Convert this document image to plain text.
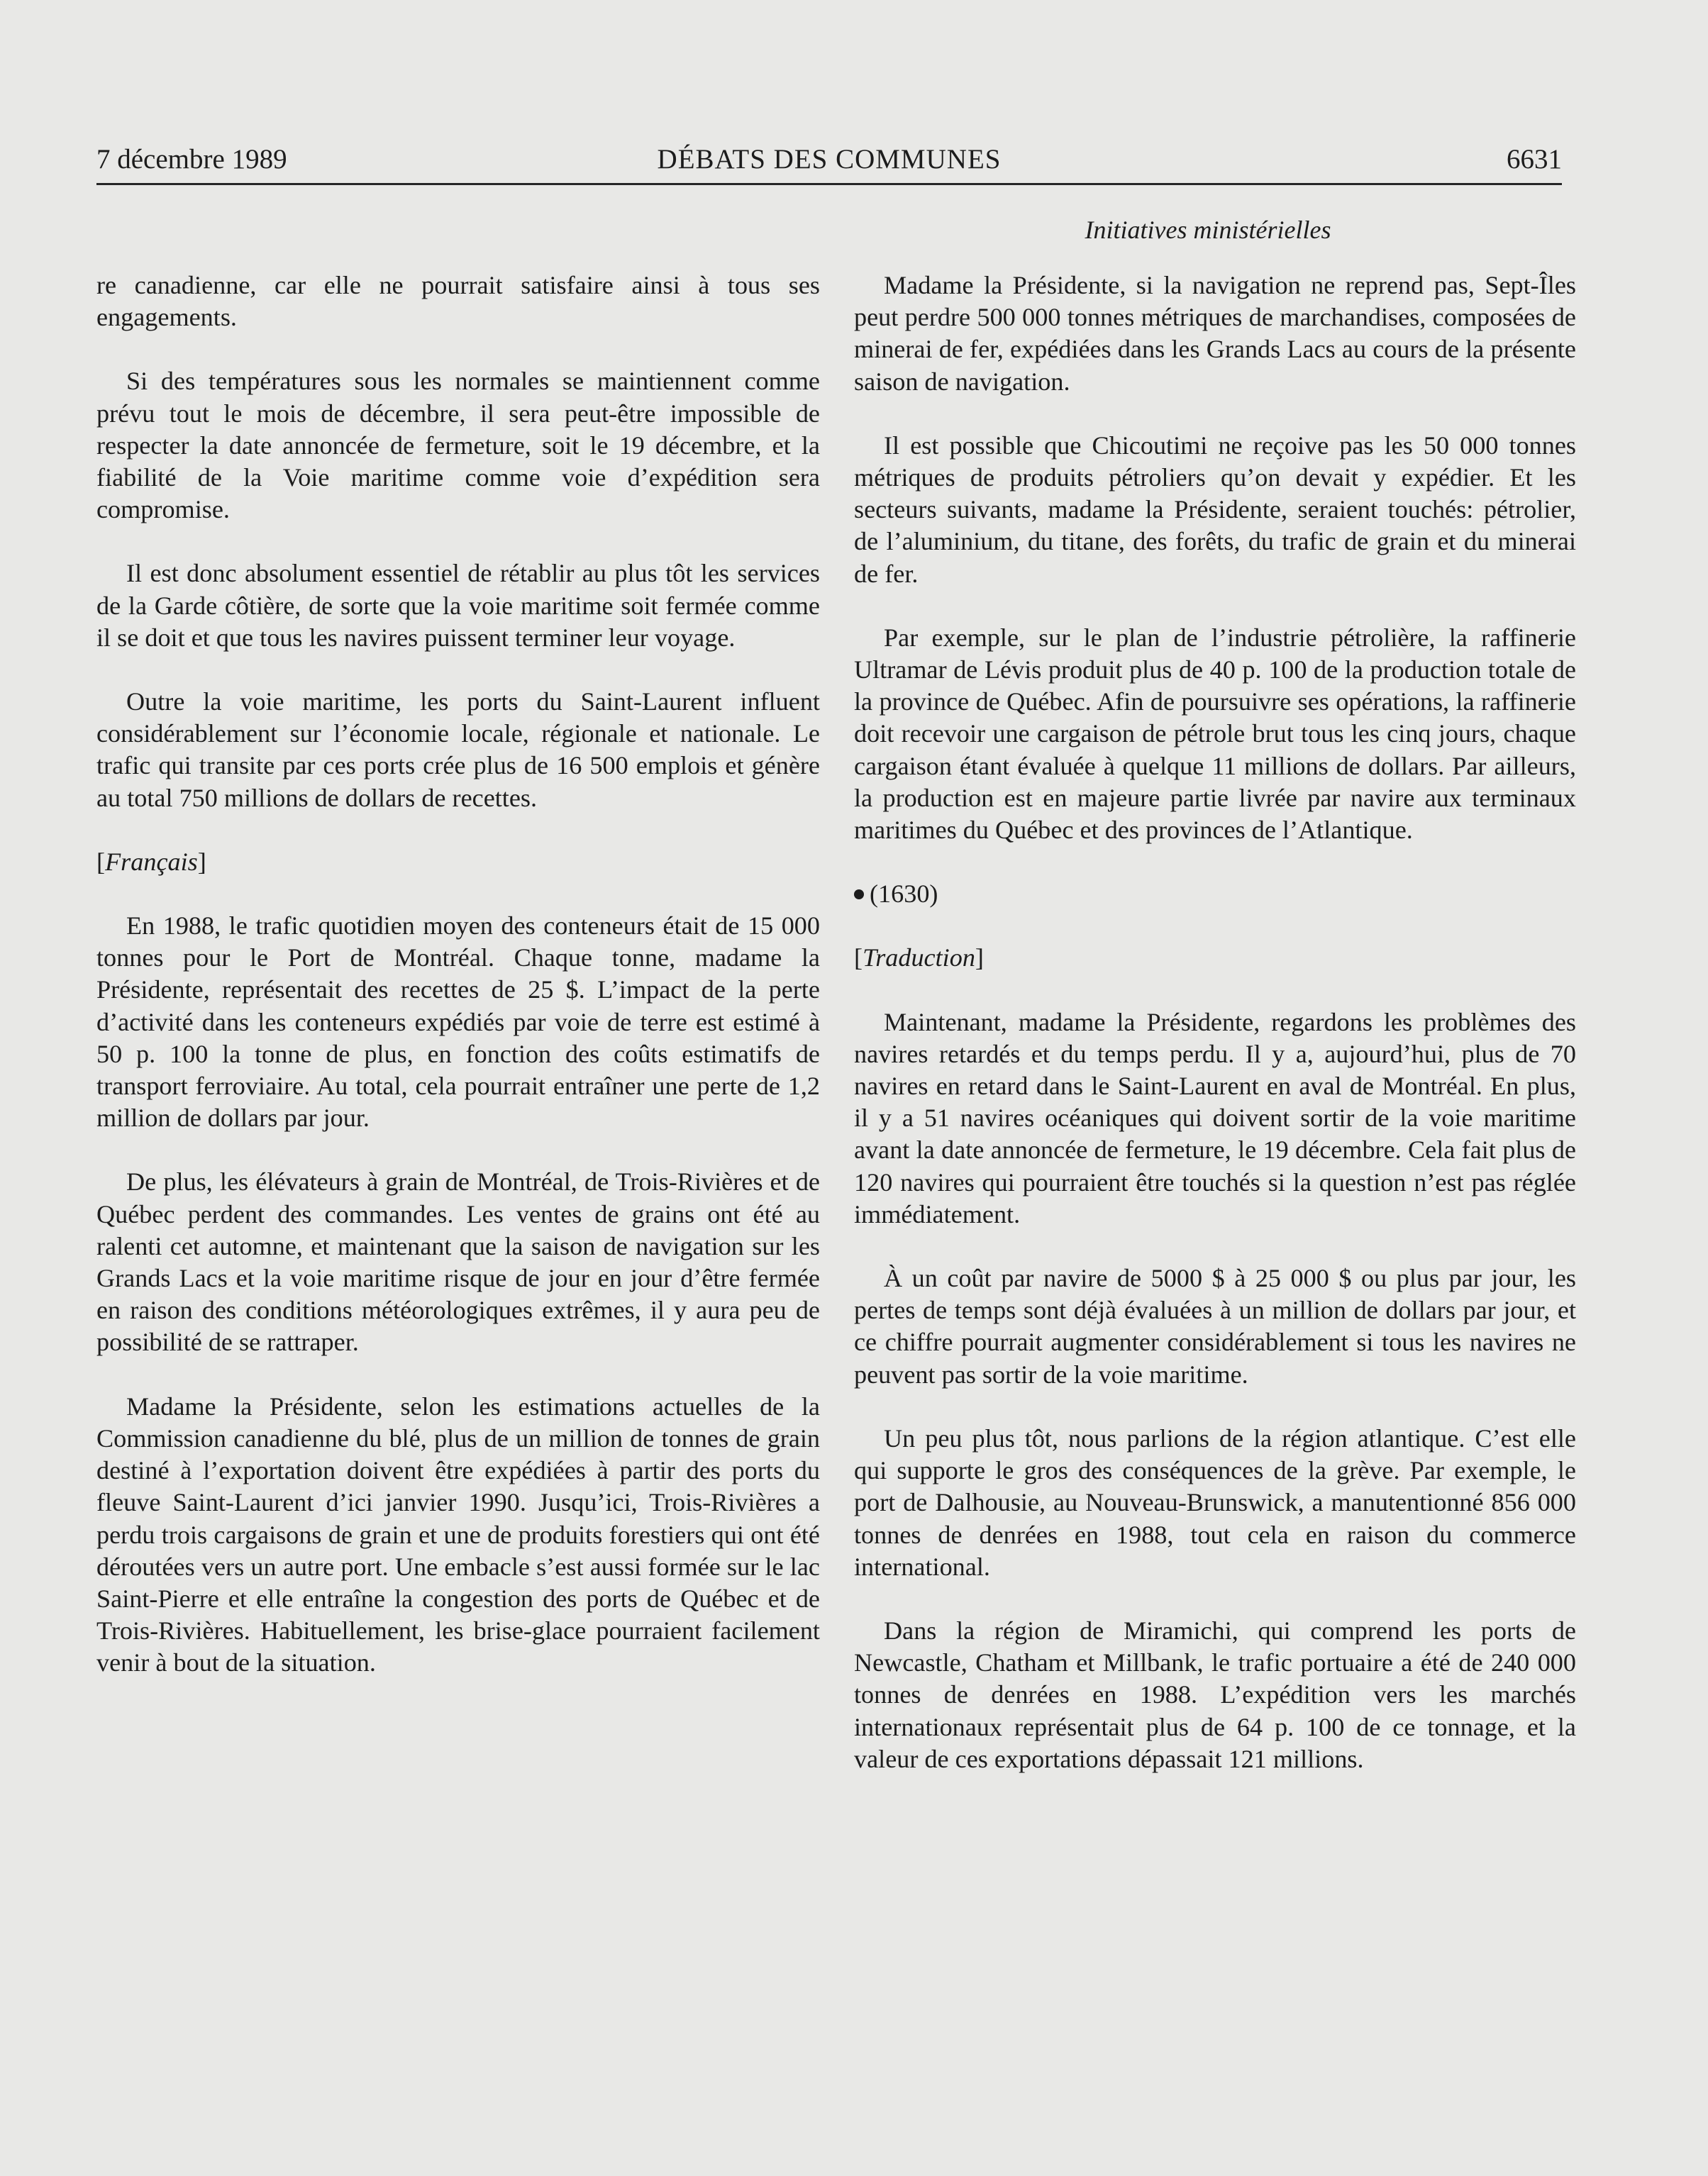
7 décembre 1989	DÉBATS DES COMMUNES	6631
Initiatives ministérielles

re canadienne, car elle ne pourrait satisfaire ainsi à tous ses engagements.

Si des températures sous les normales se maintiennent comme prévu tout le mois de décembre, il sera peut-être impossible de respecter la date annoncée de fermeture, soit le 19 décembre, et la fiabilité de la Voie maritime comme voie d’expédition sera compromise.

Il est donc absolument essentiel de rétablir au plus tôt les services de la Garde côtière, de sorte que la voie maritime soit fermée comme il se doit et que tous les navires puissent terminer leur voyage.

Outre la voie maritime, les ports du Saint-Laurent influent considérablement sur l’économie locale, régionale et nationale. Le trafic qui transite par ces ports crée plus de 16 500 emplois et génère au total 750 millions de dollars de recettes.

[Français]

En 1988, le trafic quotidien moyen des conteneurs était de 15 000 tonnes pour le Port de Montréal. Chaque tonne, madame la Présidente, représentait des recettes de 25 $. L’impact de la perte d’activité dans les conteneurs expédiés par voie de terre est estimé à 50 p. 100 la tonne de plus, en fonction des coûts estimatifs de transport ferroviaire. Au total, cela pourrait entraîner une perte de 1,2 million de dollars par jour.

De plus, les élévateurs à grain de Montréal, de Trois-Rivières et de Québec perdent des commandes. Les ventes de grains ont été au ralenti cet automne, et maintenant que la saison de navigation sur les Grands Lacs et la voie maritime risque de jour en jour d’être fermée en raison des conditions météorologiques extrêmes, il y aura peu de possibilité de se rattraper.

Madame la Présidente, selon les estimations actuelles de la Commission canadienne du blé, plus de un million de tonnes de grain destiné à l’exportation doivent être expédiées à partir des ports du fleuve Saint-Laurent d’ici janvier 1990. Jusqu’ici, Trois-Rivières a perdu trois cargaisons de grain et une de produits forestiers qui ont été déroutées vers un autre port. Une embacle s’est aussi formée sur le lac Saint-Pierre et elle entraîne la congestion des ports de Québec et de Trois-Rivières. Habituellement, les brise-glace pourraient facilement venir à bout de la situation.

Madame la Présidente, si la navigation ne reprend pas, Sept-Îles peut perdre 500 000 tonnes métriques de marchandises, composées de minerai de fer, expédiées dans les Grands Lacs au cours de la présente saison de navigation.

Il est possible que Chicoutimi ne reçoive pas les 50 000 tonnes métriques de produits pétroliers qu’on devait y expédier. Et les secteurs suivants, madame la Présidente, seraient touchés: pétrolier, de l’aluminium, du titane, des forêts, du trafic de grain et du minerai de fer.

Par exemple, sur le plan de l’industrie pétrolière, la raffinerie Ultramar de Lévis produit plus de 40 p. 100 de la production totale de la province de Québec. Afin de poursuivre ses opérations, la raffinerie doit recevoir une cargaison de pétrole brut tous les cinq jours, chaque cargaison étant évaluée à quelque 11 millions de dollars. Par ailleurs, la production est en majeure partie livrée par navire aux terminaux maritimes du Québec et des provinces de l’Atlantique.

(1630)
[Traduction]

Maintenant, madame la Présidente, regardons les problèmes des navires retardés et du temps perdu. Il y a, aujourd’hui, plus de 70 navires en retard dans le Saint-Laurent en aval de Montréal. En plus, il y a 51 navires océaniques qui doivent sortir de la voie maritime avant la date annoncée de fermeture, le 19 décembre. Cela fait plus de 120 navires qui pourraient être touchés si la question n’est pas réglée immédiatement.

À un coût par navire de 5000 $ à 25 000 $ ou plus par jour, les pertes de temps sont déjà évaluées à un million de dollars par jour, et ce chiffre pourrait augmenter considérablement si tous les navires ne peuvent pas sortir de la voie maritime.

Un peu plus tôt, nous parlions de la région atlantique. C’est elle qui supporte le gros des conséquences de la grève. Par exemple, le port de Dalhousie, au Nouveau-Brunswick, a manutentionné 856 000 tonnes de denrées en 1988, tout cela en raison du commerce international.

Dans la région de Miramichi, qui comprend les ports de Newcastle, Chatham et Millbank, le trafic portuaire a été de 240 000 tonnes de denrées en 1988. L’expédition vers les marchés internationaux représentait plus de 64 p. 100 de ce tonnage, et la valeur de ces exportations dépassait 121 millions.
